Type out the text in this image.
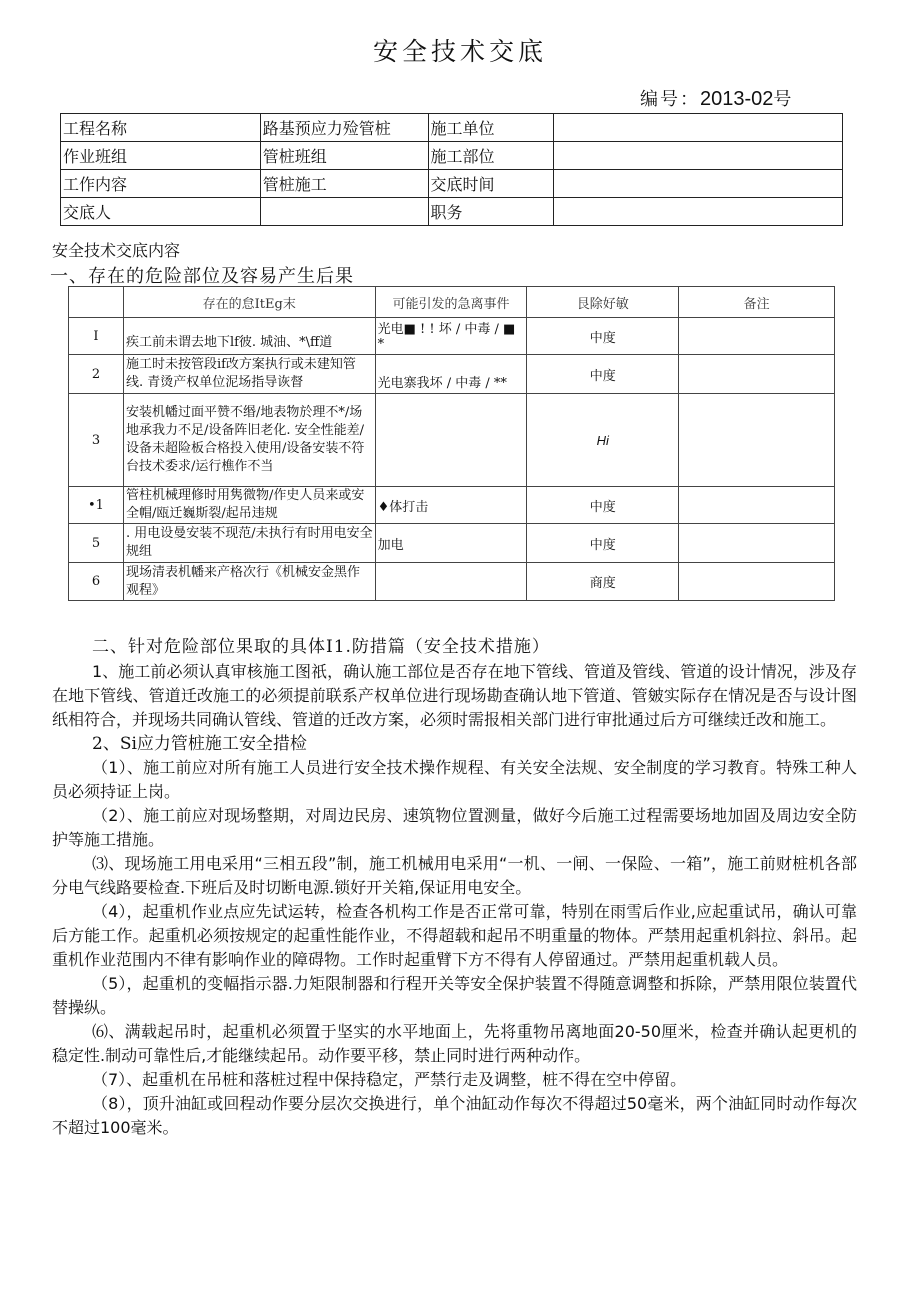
安全技术交底
编号：2013-02号
工程名称	路基预应力殓管桩	施工单位	
作业班组	管桩班组	施工部位	
工作内容	管桩施工	交底时间	
交底人		职务	
安全技术交底内容
一、存在的危险部位及容易产生后果
	存在的怠ItEg末	可能引发的急离事件	艮除好敏	备注
I	疾工前未谓去地下lf彼. 城油、*\ff道	光电■ ! ! 坏 / 中毒 / ■ *	中度	
2	施工时未按管段if改方案执行或未建知管线. 青烫产权单位泥场指导诙督	光电寨我坏 / 中毒 / **	中度	
3	安装机幡过面平赞不缗/地表物於理不*/场地承我力不足/设备阵旧老化. 安全性能差/设备未超险板合格投入使用/设备安装不符台技术委求/运行樵作不当		Hi	
•1	管柱机械理修时用隽微物/作史人员来或安全帽/瓯迁巍斯裂/起吊违规	♦体打击	中度	
5	. 用电设曼安装不现范/未执行有时用电安全规组	加电	中度	
6	现场清表机幡来产格次行《机械安金黑作观程》		商度	
二、针对危险部位果取的具体I1.防措篇（安全技术措施）

1、施工前必须认真审核施工图祇，确认施工部位是否存在地下管线、管道及管线、管道的设计情况，涉及存在地下管线、管道迁改施工的必须提前联系产权单位进行现场勘查确认地下管道、管皴实际存在情况是否与设计图纸相符合，并现场共同确认管线、管道的迁改方案，必须时需报相关部门进行审批通过后方可继续迁改和施工。

2、Si应力管桩施工安全措检

（1）、施工前应对所有施工人员进行安全技术操作规程、有关安全法规、安全制度的学习教育。特殊工种人员必须持证上岗。

（2）、施工前应对现场整期，对周边民房、速筑物位置测量，做好今后施工过程需要场地加固及周边安全防护等施工措施。

⑶、现场施工用电采用“三相五段”制，施工机械用电采用“一机、一闸、一保险、一箱”，施工前财桩机各部分电气线路要检查.下班后及时切断电源.锁好开关箱,保证用电安全。

（4），起重机作业点应先试运转，检查各机构工作是否正常可靠，特别在雨雪后作业,应起重试吊，确认可靠后方能工作。起重机必须按规定的起重性能作业，不得超载和起吊不明重量的物体。严禁用起重机斜拉、斜吊。起重机作业范围内不律有影响作业的障碍物。工作时起重臂下方不得有人停留通过。严禁用起重机载人员。

（5），起重机的变幅指示器.力矩限制器和行程开关等安全保护装置不得随意调整和拆除，严禁用限位装置代替操纵。

⑹、满载起吊时，起重机必须置于坚实的水平地面上，先将重物吊离地面20-50厘米，检查并确认起更机的稳定性.制动可靠性后,才能继续起吊。动作要平移，禁止同时进行两种动作。

（7）、起重机在吊桩和落桩过程中保持稳定，严禁行走及调整，桩不得在空中停留。

（8），顶升油缸或回程动作要分层次交换进行，单个油缸动作每次不得超过50毫米，两个油缸同时动作每次不超过100毫米。
